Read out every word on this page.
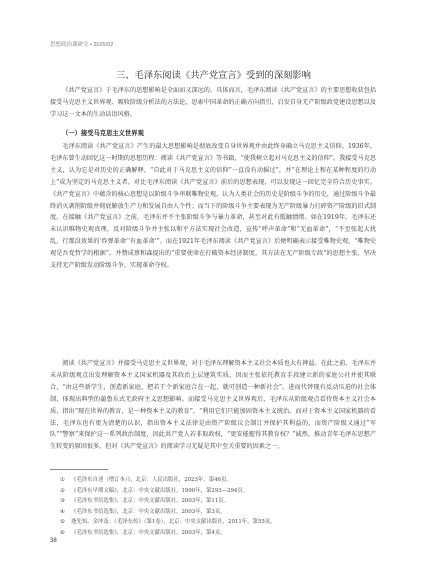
思想政治课研究 • 2025/02
三、毛泽东阅读《共产党宣言》受到的深刻影响

《共产党宣言》于毛泽东的思想影响是全面而又深远的。具体而言，毛泽东阅读《共产党宣言》的主要思想收获包括接受马克思主义世界观、吸收阶级分析法的方法论、思索中国革命的正确方向指引、启发自身无产阶级政党建设思想以及学习这一文本的生动话语风格。

（一）接受马克思主义世界观

毛泽东阅读《共产党宣言》产生的最大思想影响是彻底改变自身世界观并由此终身确立马克思主义信仰。1936年，毛泽东曾生动回忆这一时期的思想历程：阅读《共产党宣言》等书籍，“使我树立起对马克思主义的信仰”。我接受马克思主义，认为它是对历史的正确解释，“自此对于马克思主义的信仰”一直没有动摇过”，并“在理论上和在某种程度的行动上”成为坚定的马克思主义者。对比毛泽东阅读《共产党宣言》前后的思想表现，可以发现这一回忆完全符合历史事实。《共产党宣言》中蕴含的核心思想是以阶级斗争串联唯物史观，认为人类社会的历史是阶级斗争的历史，通过阶级斗争最终消灭剥削阶级并彻底解放生产力和发展自由人个性；而当下的阶级斗争主要表现为无产阶级暴力打碎资产阶级的旧式制度。在接触《共产党宣言》之前，毛泽东并不主张阶级斗争与暴力革命，甚至对此有抵触情绪。如在1919年，毛泽东还未认识唯物史观真理，反对阶级斗争并主张以和平方法实现社会改造，宣传“呼声革命”和“无血革命”，“不至张起大扰乱，行那没效果的‘炸弹革命’‘有血革命’”。而在1921年毛泽东阅读《共产党宣言》后便明确表示接受唯物史观，“唯物史观是吾党哲学的根据”。并赞成蔡和森提出的“重要使命在打破资本经济制度，其方法在无产阶级专政”的思想主张，坚决支持无产阶级发动阶级斗争、实现革命夺权。

阅读《共产党宣言》并接受马克思主义世界观，对于毛泽东理解资本主义社会本质也大有裨益。在此之前，毛泽东并未从阶级观点出发理解资本主义国家机器及其政治上层建筑实质，因而主张依托教育手段建立新的家庭公社并使其联合，“由这些新学生，创造新家庭，把若干个新家庭合在一起，就可创造一种新社会”。进而代替现有反动压迫的社会体制，体现出典型的蒲鲁东式无政府主义思想影响。而接受马克思主义世界观后，毛泽东从阶级观点看待资本主义社会本质，指出“现在世界的教育，是一种资本主义的教育”，“利用它们只能加固资本主义统治。而对于资本主义国家机器的看法，毛泽东也有更为清楚的认识，指出资本主义法律是由资产阶级议会制订并保护其利益的，而资产阶级又通过“军队”“警察”来保护这一系列政治制度，因此共产党人若非取政权，“更安能握得其教育权？”诚然，推动青年毛泽东思想产生转变的原因很多，但对《共产党宣言》的阅读学习无疑是其中至关重要的因素之一。

①	《毛泽东自述（增订本）》，北京：人民出版社，2023年，第46页。
②	《毛泽东早期文稿》，北京：中央文献出版社，1990年，第293—294页。
③	《毛泽东书信选集》，北京：中央文献出版社，2003年，第11页。
④	《毛泽东书信选集》，北京：中央文献出版社，2003年，第3页。
⑤	逄先知、金冲及：《毛泽东传》（第1卷），北京：中央文献出版社，2011年，第55页。
⑥	《毛泽东书信选集》，北京：中央文献出版社，2003年，第4页。
38
